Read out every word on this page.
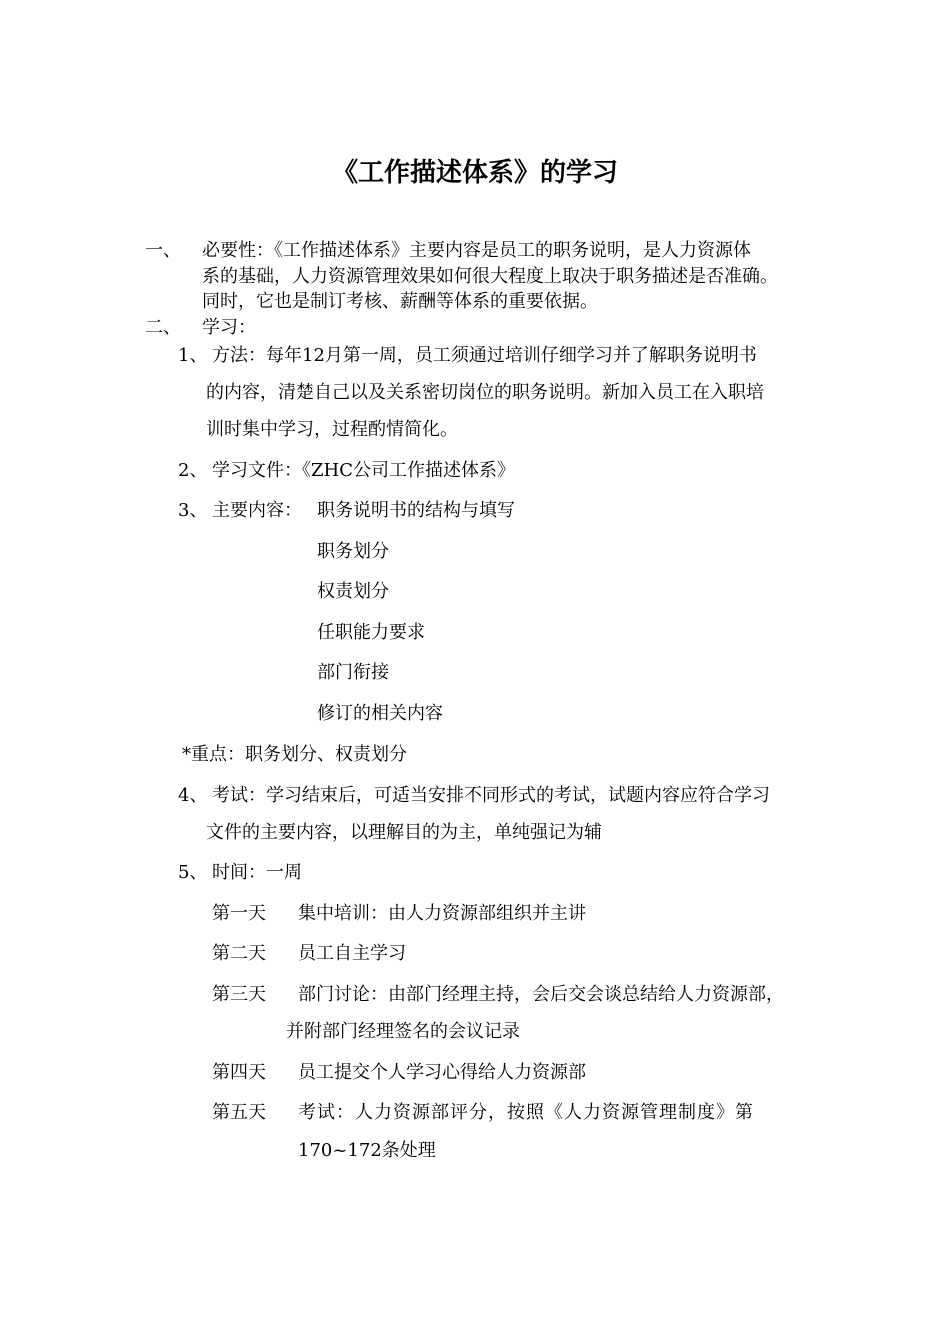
《工作描述体系》的学习
一、 必要性：《工作描述体系》主要内容是员工的职务说明，是人力资源体
系的基础，人力资源管理效果如何很大程度上取决于职务描述是否准确。
同时，它也是制订考核、薪酬等体系的重要依据。
二、 学习：
1、 方法：每年12月第一周，员工须通过培训仔细学习并了解职务说明书
的内容，清楚自己以及关系密切岗位的职务说明。新加入员工在入职培
训时集中学习，过程酌情简化。
2、 学习文件：《ZHC公司工作描述体系》
3、 主要内容： 职务说明书的结构与填写
职务划分
权责划分
任职能力要求
部门衔接
修订的相关内容
*重点：职务划分、权责划分
4、 考试：学习结束后，可适当安排不同形式的考试，试题内容应符合学习
文件的主要内容，以理解目的为主，单纯强记为辅
5、 时间：一周
第一天 集中培训：由人力资源部组织并主讲
第二天 员工自主学习
第三天 部门讨论：由部门经理主持，会后交会谈总结给人力资源部，
并附部门经理签名的会议记录
第四天 员工提交个人学习心得给人力资源部
第五天 考试：人力资源部评分，按照《人力资源管理制度》第
170~172条处理
